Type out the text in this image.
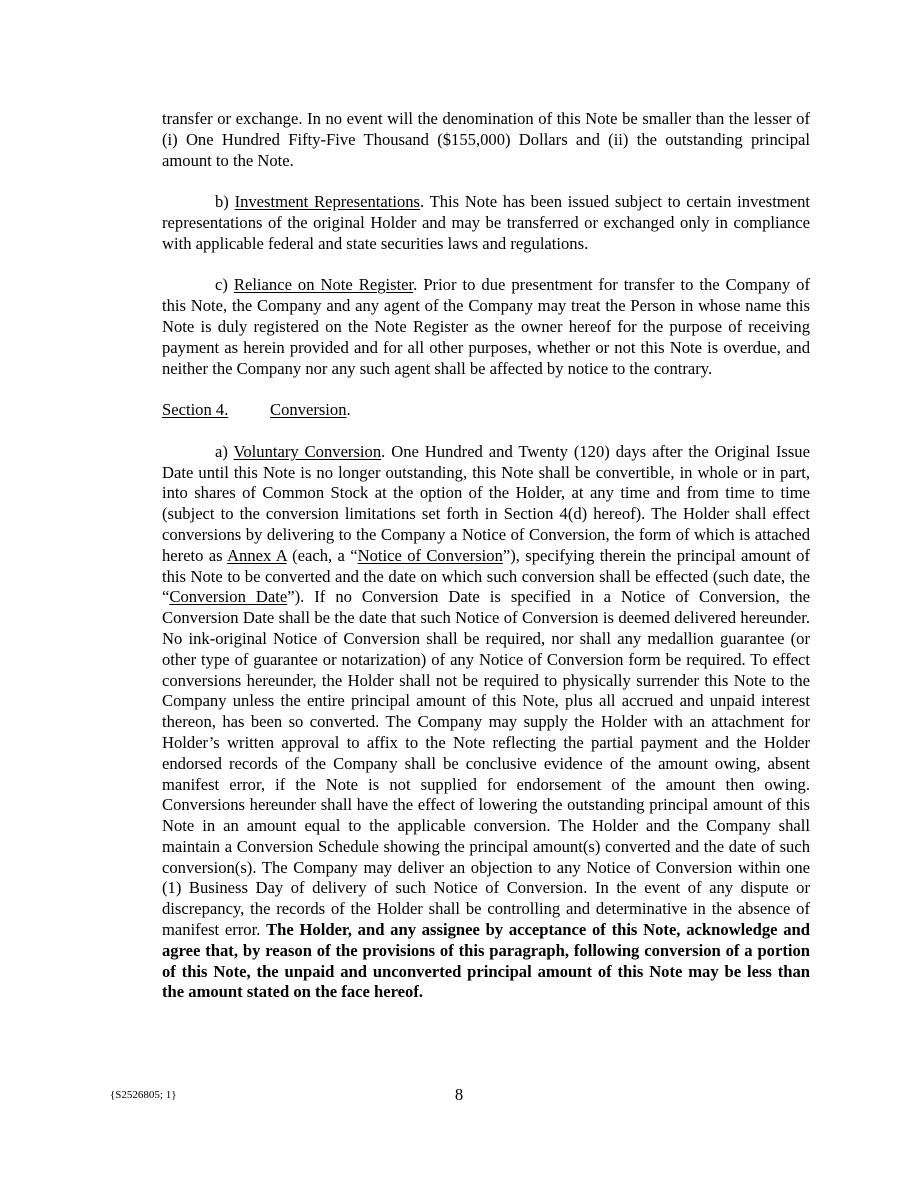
transfer or exchange. In no event will the denomination of this Note be smaller than the lesser of (i) One Hundred Fifty-Five Thousand ($155,000) Dollars and (ii) the outstanding principal amount to the Note.

b) Investment Representations. This Note has been issued subject to certain investment representations of the original Holder and may be transferred or exchanged only in compliance with applicable federal and state securities laws and regulations.

c) Reliance on Note Register. Prior to due presentment for transfer to the Company of this Note, the Company and any agent of the Company may treat the Person in whose name this Note is duly registered on the Note Register as the owner hereof for the purpose of receiving payment as herein provided and for all other purposes, whether or not this Note is overdue, and neither the Company nor any such agent shall be affected by notice to the contrary.

Section 4.	Conversion.

a) Voluntary Conversion. One Hundred and Twenty (120) days after the Original Issue Date until this Note is no longer outstanding, this Note shall be convertible, in whole or in part, into shares of Common Stock at the option of the Holder, at any time and from time to time (subject to the conversion limitations set forth in Section 4(d) hereof). The Holder shall effect conversions by delivering to the Company a Notice of Conversion, the form of which is attached hereto as Annex A (each, a “Notice of Conversion”), specifying therein the principal amount of this Note to be converted and the date on which such conversion shall be effected (such date, the “Conversion Date”). If no Conversion Date is specified in a Notice of Conversion, the Conversion Date shall be the date that such Notice of Conversion is deemed delivered hereunder. No ink-original Notice of Conversion shall be required, nor shall any medallion guarantee (or other type of guarantee or notarization) of any Notice of Conversion form be required. To effect conversions hereunder, the Holder shall not be required to physically surrender this Note to the Company unless the entire principal amount of this Note, plus all accrued and unpaid interest thereon, has been so converted. The Company may supply the Holder with an attachment for Holder’s written approval to affix to the Note reflecting the partial payment and the Holder endorsed records of the Company shall be conclusive evidence of the amount owing, absent manifest error, if the Note is not supplied for endorsement of the amount then owing. Conversions hereunder shall have the effect of lowering the outstanding principal amount of this Note in an amount equal to the applicable conversion. The Holder and the Company shall maintain a Conversion Schedule showing the principal amount(s) converted and the date of such conversion(s). The Company may deliver an objection to any Notice of Conversion within one (1) Business Day of delivery of such Notice of Conversion. In the event of any dispute or discrepancy, the records of the Holder shall be controlling and determinative in the absence of manifest error. The Holder, and any assignee by acceptance of this Note, acknowledge and agree that, by reason of the provisions of this paragraph, following conversion of a portion of this Note, the unpaid and unconverted principal amount of this Note may be less than the amount stated on the face hereof.

{S2526805; 1}	8
